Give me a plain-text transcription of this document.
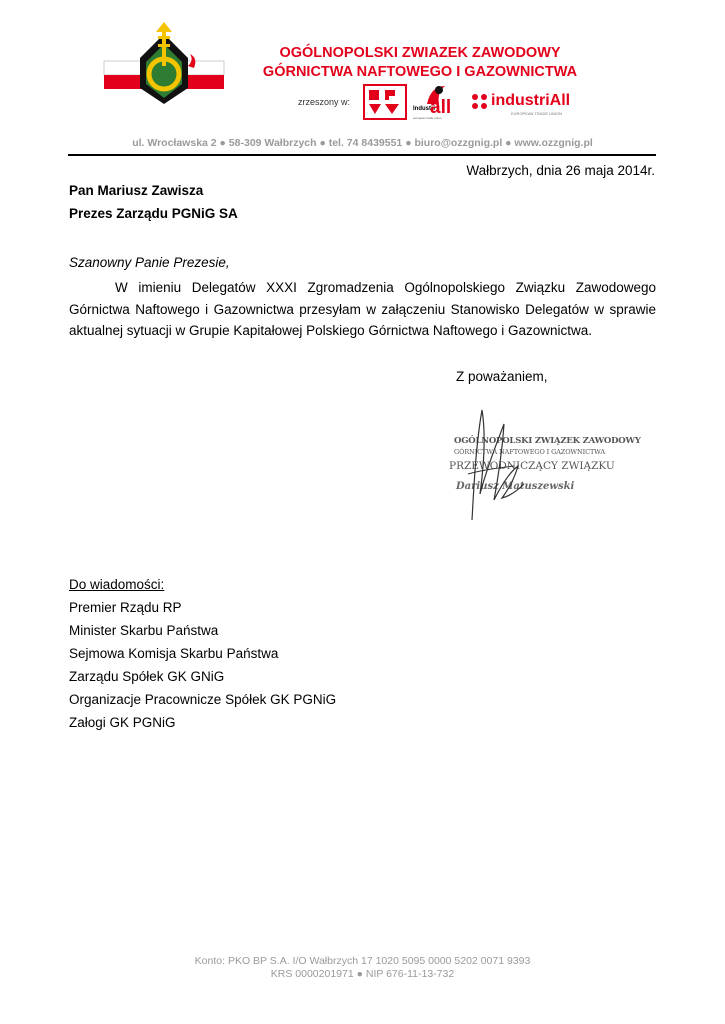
OGÓLNOPOLSKI ZWIAZEK ZAWODOWY
GÓRNICTWA NAFTOWEGO I GAZOWNICTWA
zrzeszony w:
Industri
all
european trade union
industriAll
EUROPEAN TRADE UNION
ul. Wrocławska 2 ● 58-309 Wałbrzych ● tel. 74 8439551 ● biuro@ozzgnig.pl ● www.ozzgnig.pl
Wałbrzych, dnia 26 maja 2014r.
Pan Mariusz Zawisza
Prezes Zarządu PGNiG SA
Szanowny Panie Prezesie,

W imieniu Delegatów XXXI Zgromadzenia Ogólnopolskiego Związku Zawodowego Górnictwa Naftowego i Gazownictwa przesyłam w załączeniu Stanowisko Delegatów w sprawie aktualnej sytuacji w Grupie Kapitałowej Polskiego Górnictwa Naftowego i Gazownictwa.

Z poważaniem,
OGÓLNOPOLSKI ZWIĄZEK ZAWODOWY
GÓRNICTWA NAFTOWEGO I GAZOWNICTWA
PRZEWODNICZĄCY ZWIĄZKU
Dariusz Matuszewski
Do wiadomości:
Premier Rządu RP
Minister Skarbu Państwa
Sejmowa Komisja Skarbu Państwa
Zarządu Spółek GK GNiG
Organizacje Pracownicze Spółek GK PGNiG
Załogi GK PGNiG
Konto: PKO BP S.A. I/O Wałbrzych 17 1020 5095 0000 5202 0071 9393
KRS 0000201971 ● NIP 676-11-13-732
